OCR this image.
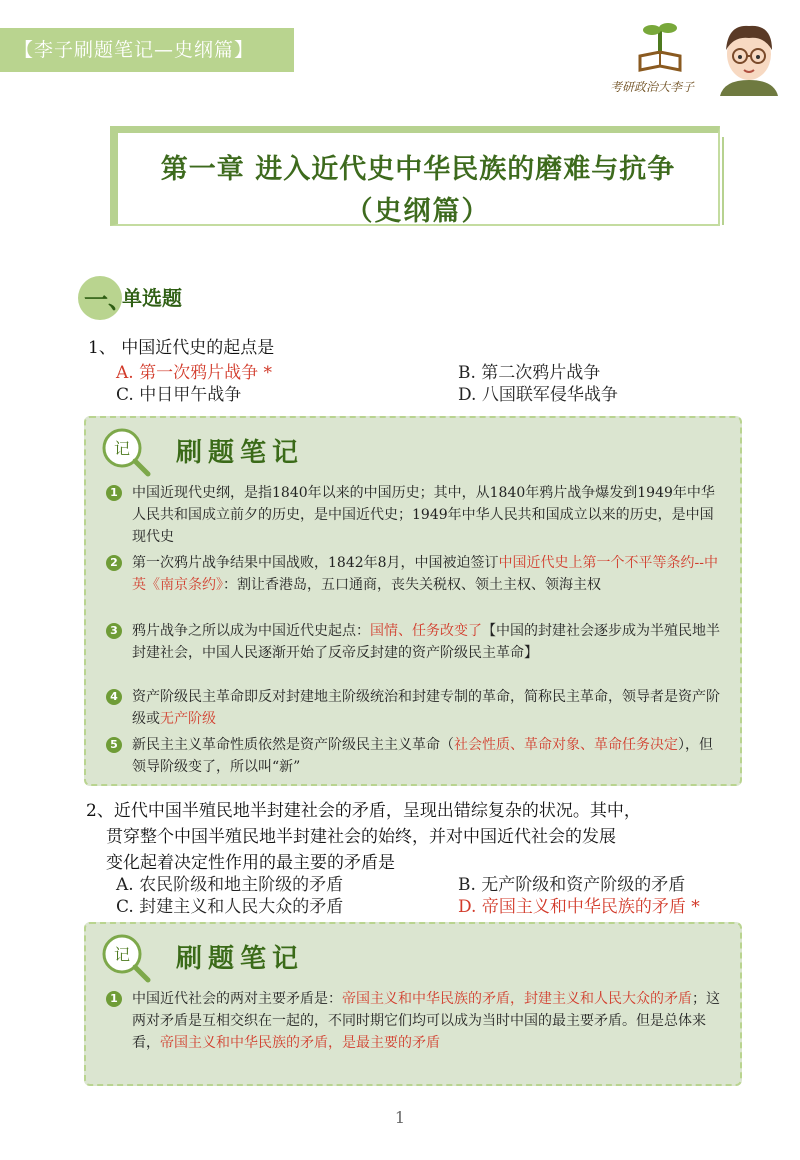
【李子刷题笔记—史纲篇】
考研政治大李子
第一章 进入近代史中华民族的磨难与抗争
（史纲篇）
一、
单选题
1、 中国近代史的起点是
A. 第一次鸦片战争 *	B. 第二次鸦片战争
C. 中日甲午战争	D. 八国联军侵华战争
记 刷题笔记
1	中国近现代史纲，是指1840年以来的中国历史；其中，从1840年鸦片战争爆发到1949年中华人民共和国成立前夕的历史，是中国近代史；1949年中华人民共和国成立以来的历史，是中国现代史
2	第一次鸦片战争结果中国战败，1842年8月，中国被迫签订中国近代史上第一个不平等条约--中英《南京条约》：割让香港岛，五口通商，丧失关税权、领土主权、领海主权
3	鸦片战争之所以成为中国近代史起点：国情、任务改变了【中国的封建社会逐步成为半殖民地半封建社会，中国人民逐渐开始了反帝反封建的资产阶级民主革命】
4	资产阶级民主革命即反对封建地主阶级统治和封建专制的革命，简称民主革命，领导者是资产阶级或无产阶级
5	新民主主义革命性质依然是资产阶级民主主义革命（社会性质、革命对象、革命任务决定），但领导阶级变了，所以叫“新”
2、近代中国半殖民地半封建社会的矛盾，呈现出错综复杂的状况。其中，
贯穿整个中国半殖民地半封建社会的始终，并对中国近代社会的发展
变化起着决定性作用的最主要的矛盾是
A. 农民阶级和地主阶级的矛盾	B. 无产阶级和资产阶级的矛盾
C. 封建主义和人民大众的矛盾	D. 帝国主义和中华民族的矛盾 *
记 刷题笔记
1	中国近代社会的两对主要矛盾是：帝国主义和中华民族的矛盾，封建主义和人民大众的矛盾；这两对矛盾是互相交织在一起的，不同时期它们均可以成为当时中国的最主要矛盾。但是总体来看，帝国主义和中华民族的矛盾，是最主要的矛盾
1
